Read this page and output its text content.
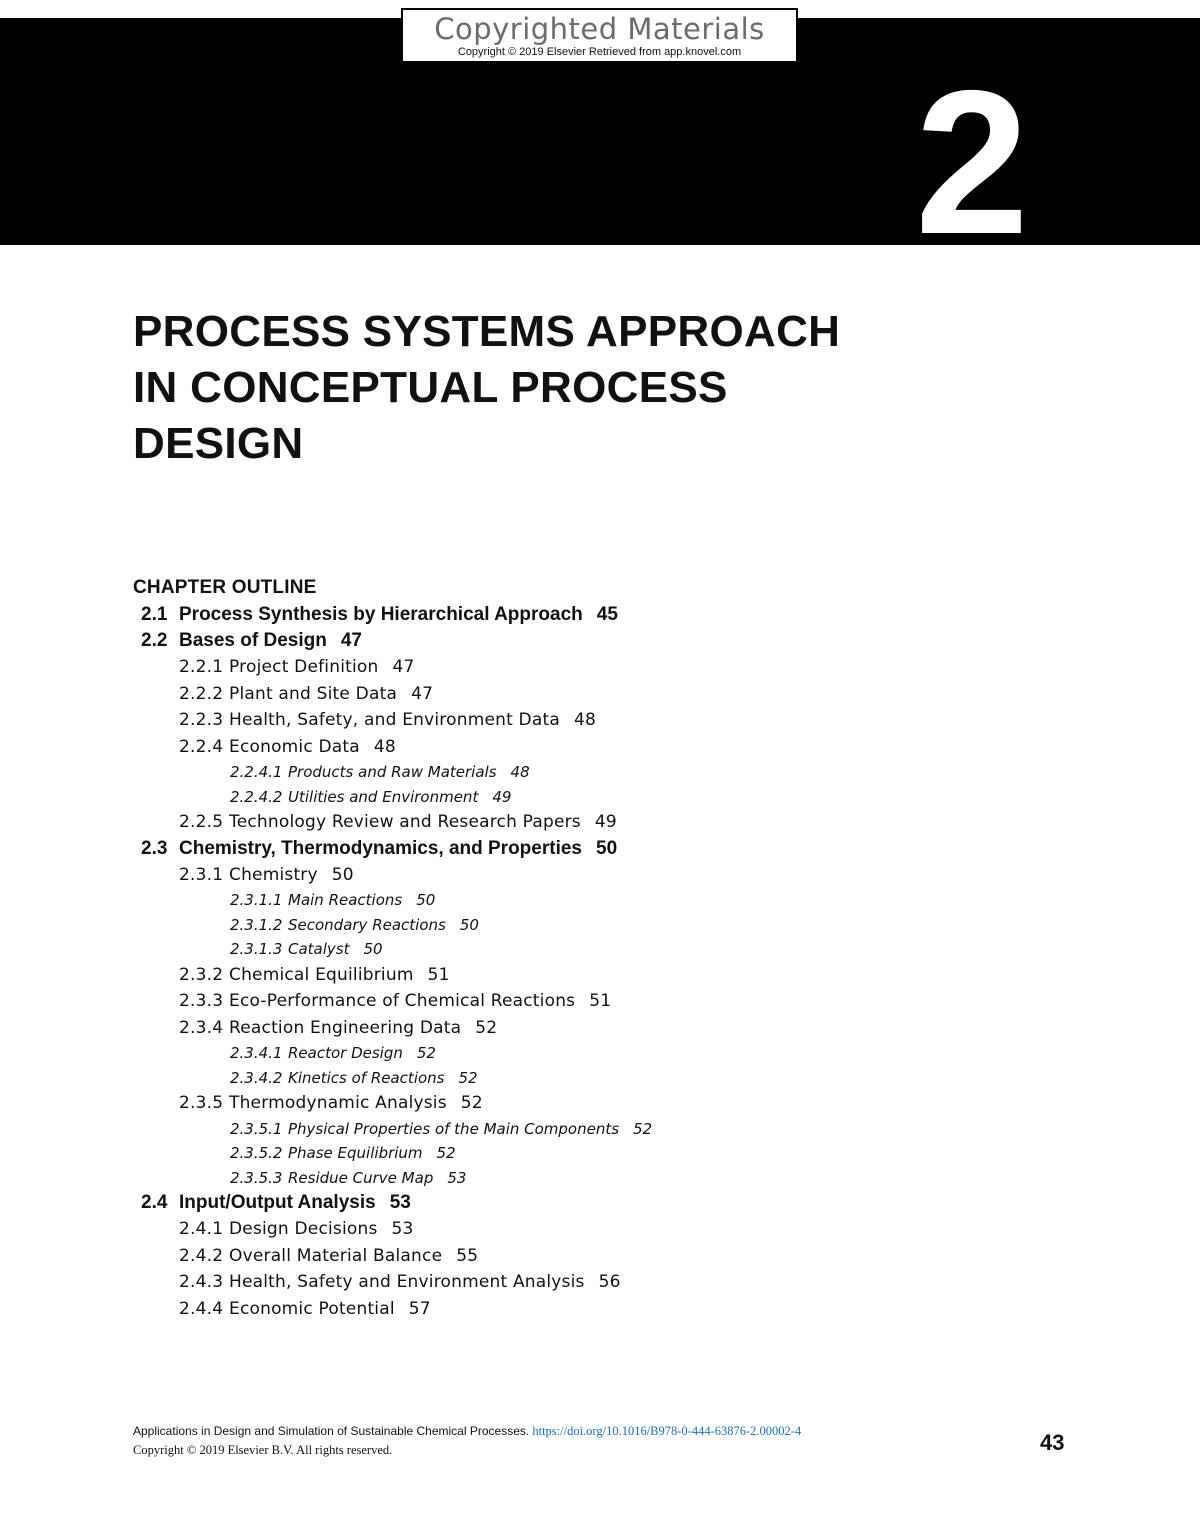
Copyrighted Materials
Copyright © 2019 Elsevier Retrieved from app.knovel.com 2
PROCESS SYSTEMS APPROACH
IN CONCEPTUAL PROCESS
DESIGN
CHAPTER OUTLINE
2.1 Process Synthesis by Hierarchical Approach 45
2.2 Bases of Design 47
2.2.1 Project Definition 47
2.2.2 Plant and Site Data 47
2.2.3 Health, Safety, and Environment Data 48
2.2.4 Economic Data 48
2.2.4.1 Products and Raw Materials 48
2.2.4.2 Utilities and Environment 49
2.2.5 Technology Review and Research Papers 49
2.3 Chemistry, Thermodynamics, and Properties 50
2.3.1 Chemistry 50
2.3.1.1 Main Reactions 50
2.3.1.2 Secondary Reactions 50
2.3.1.3 Catalyst 50
2.3.2 Chemical Equilibrium 51
2.3.3 Eco-Performance of Chemical Reactions 51
2.3.4 Reaction Engineering Data 52
2.3.4.1 Reactor Design 52
2.3.4.2 Kinetics of Reactions 52
2.3.5 Thermodynamic Analysis 52
2.3.5.1 Physical Properties of the Main Components 52
2.3.5.2 Phase Equilibrium 52
2.3.5.3 Residue Curve Map 53
2.4 Input/Output Analysis 53
2.4.1 Design Decisions 53
2.4.2 Overall Material Balance 55
2.4.3 Health, Safety and Environment Analysis 56
2.4.4 Economic Potential 57
Applications in Design and Simulation of Sustainable Chemical Processes. https://doi.org/10.1016/B978-0-444-63876-2.00002-4
Copyright © 2019 Elsevier B.V. All rights reserved.	43
